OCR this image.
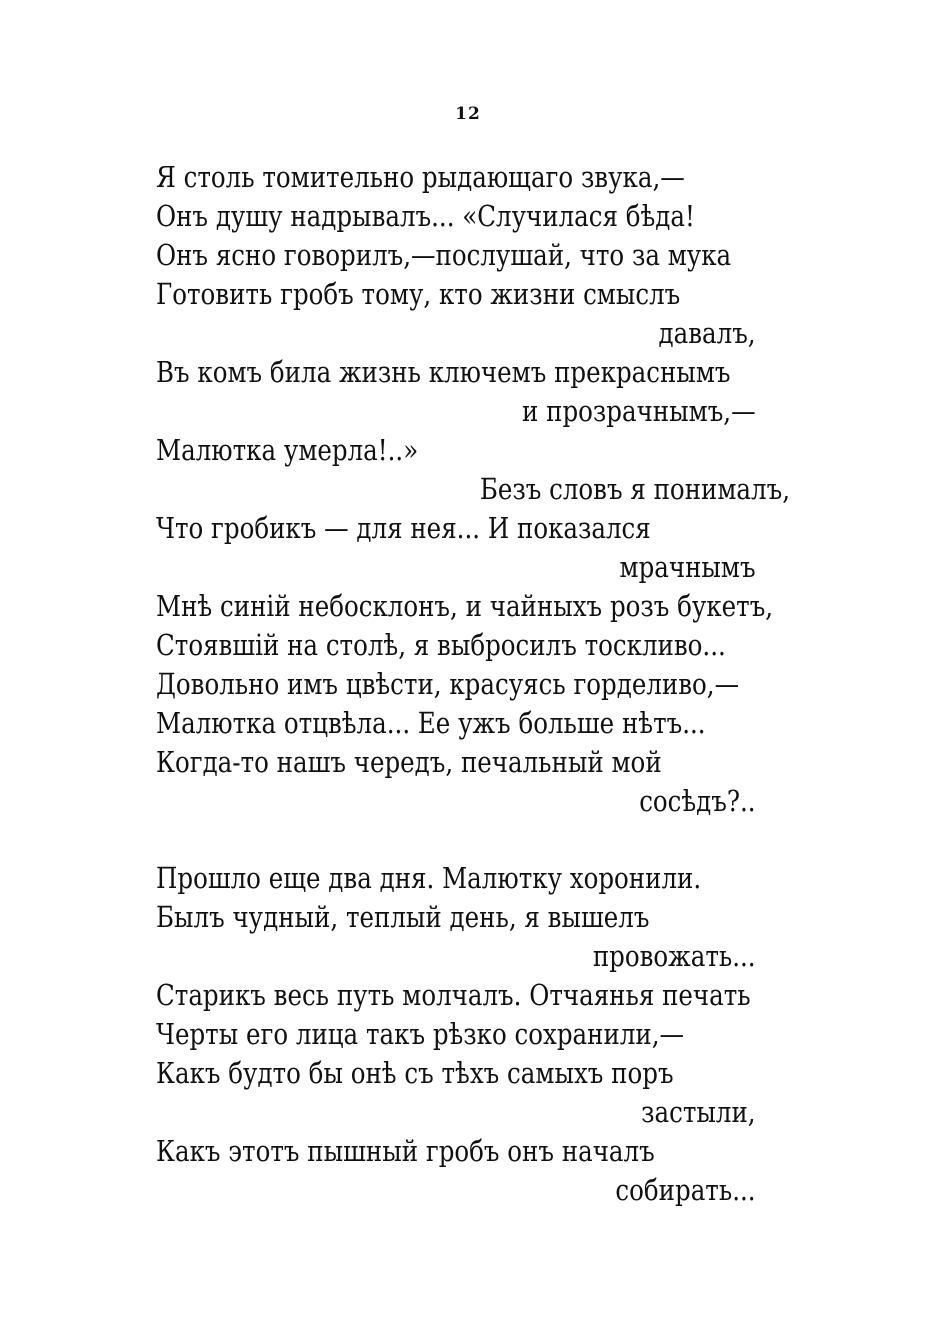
12
Я столь томительно рыдающаго звука,—
Онъ душу надрывалъ... «Случилася бѣда!
Онъ ясно говорилъ,—послушай, что за мука
Готовить гробъ тому, кто жизни смыслъ
давалъ,
Въ комъ била жизнь ключемъ прекраснымъ
и прозрачнымъ,—
Малютка умерла!..»
Безъ словъ я понималъ,
Что гробикъ — для нея... И показался
мрачнымъ
Мнѣ синій небосклонъ, и чайныхъ розъ букетъ,
Стоявшій на столѣ, я выбросилъ тоскливо...
Довольно имъ цвѣсти, красуясь горделиво,—
Малютка отцвѣла... Ее ужъ больше нѣтъ...
Когда-то нашъ чередъ, печальный мой
сосѣдъ?..
Прошло еще два дня. Малютку хоронили.
Былъ чудный, теплый день, я вышелъ
провожать...
Старикъ весь путь молчалъ. Отчаянья печать
Черты его лица такъ рѣзко сохранили,—
Какъ будто бы онѣ съ тѣхъ самыхъ поръ
застыли,
Какъ этотъ пышный гробъ онъ началъ
собирать...
